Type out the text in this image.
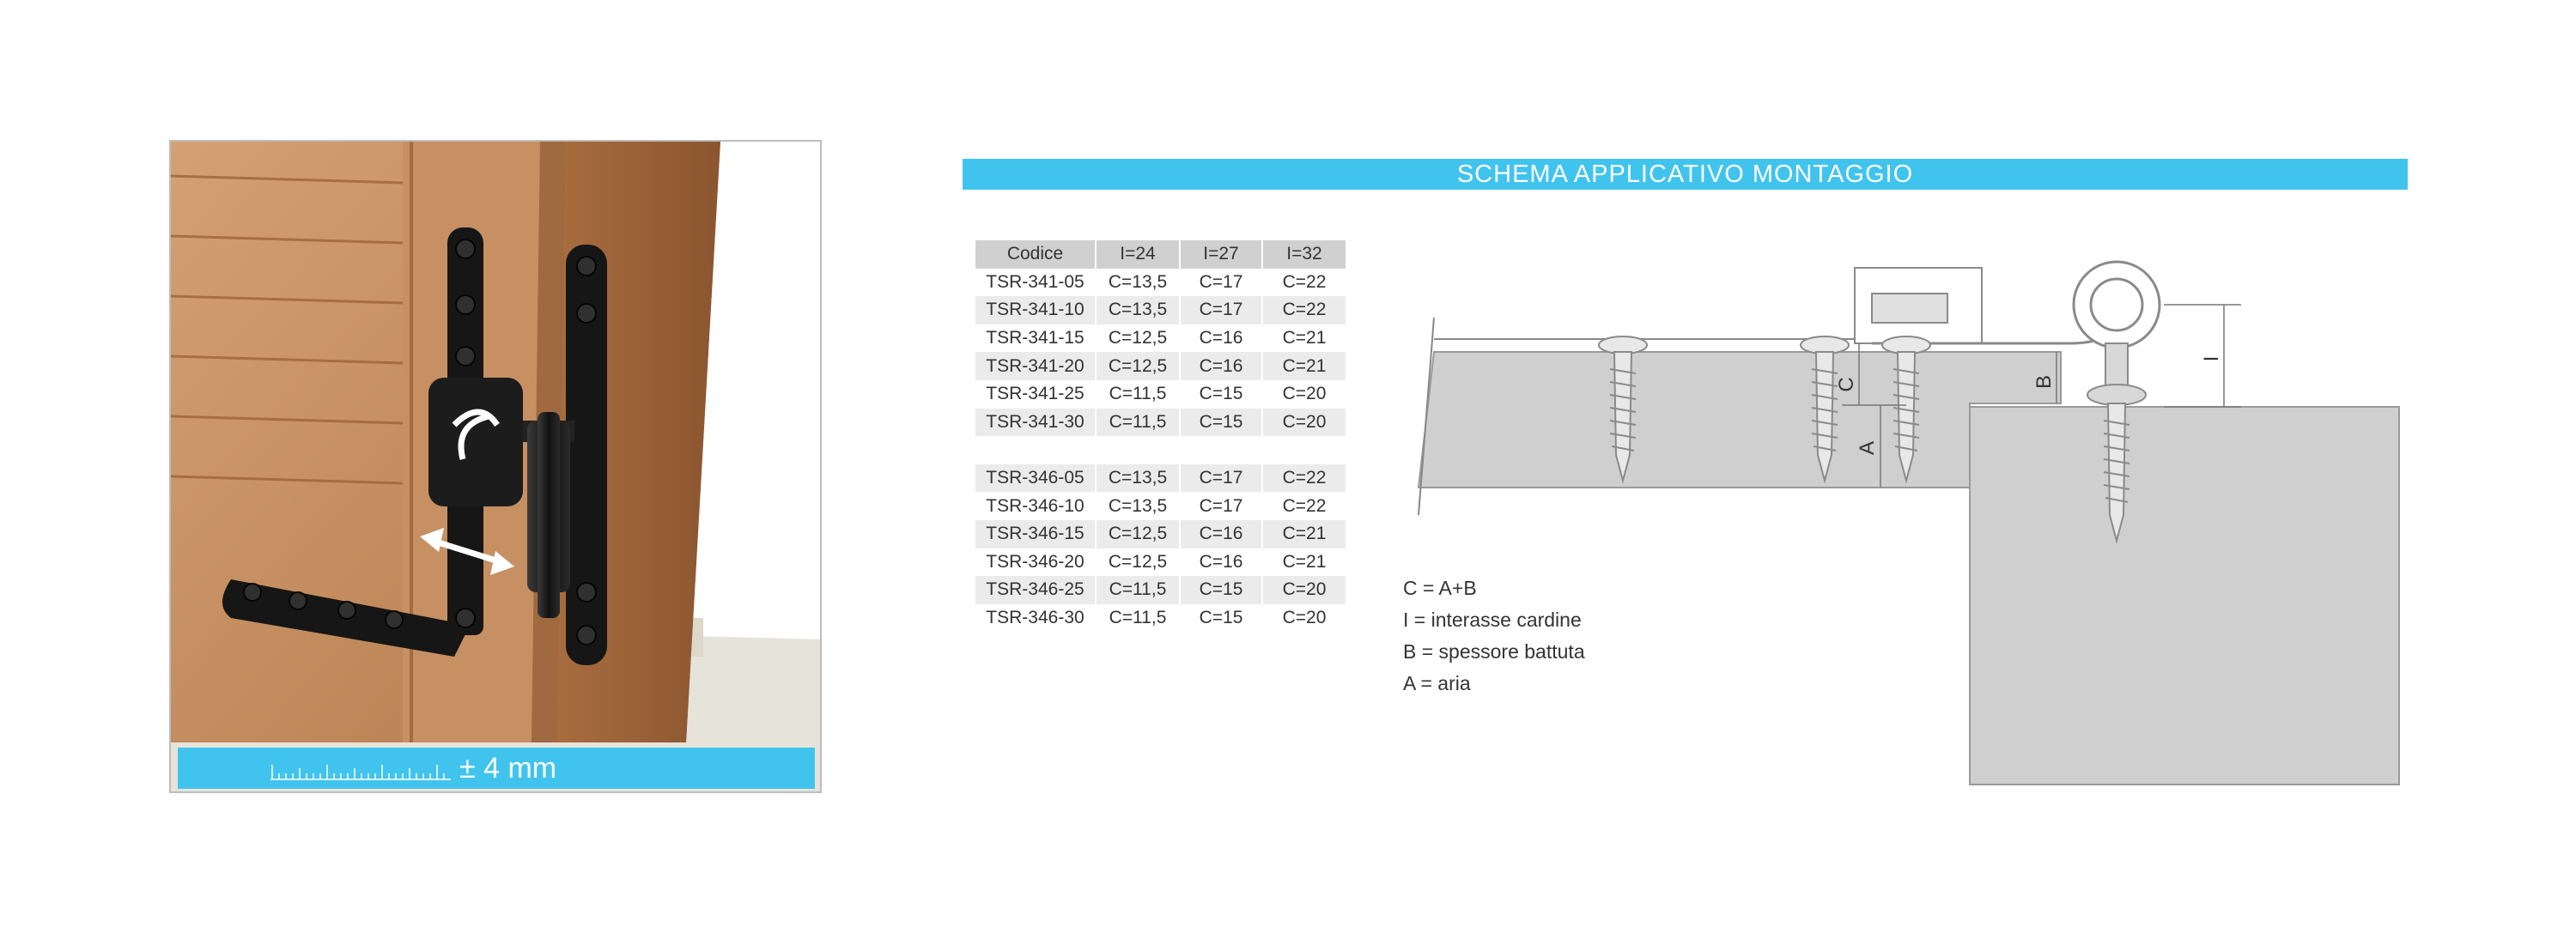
± 4 mm
SCHEMA APPLICATIVO MONTAGGIO
Codice	I=24	I=27	I=32
TSR-341-05	C=13,5	C=17	C=22
TSR-341-10	C=13,5	C=17	C=22
TSR-341-15	C=12,5	C=16	C=21
TSR-341-20	C=12,5	C=16	C=21
TSR-341-25	C=11,5	C=15	C=20
TSR-341-30	C=11,5	C=15	C=20

TSR-346-05	C=13,5	C=17	C=22
TSR-346-10	C=13,5	C=17	C=22
TSR-346-15	C=12,5	C=16	C=21
TSR-346-20	C=12,5	C=16	C=21
TSR-346-25	C=11,5	C=15	C=20
TSR-346-30	C=11,5	C=15	C=20
C = A+B
I = interasse cardine
B = spessore battuta
A = aria
C
A
B
I
